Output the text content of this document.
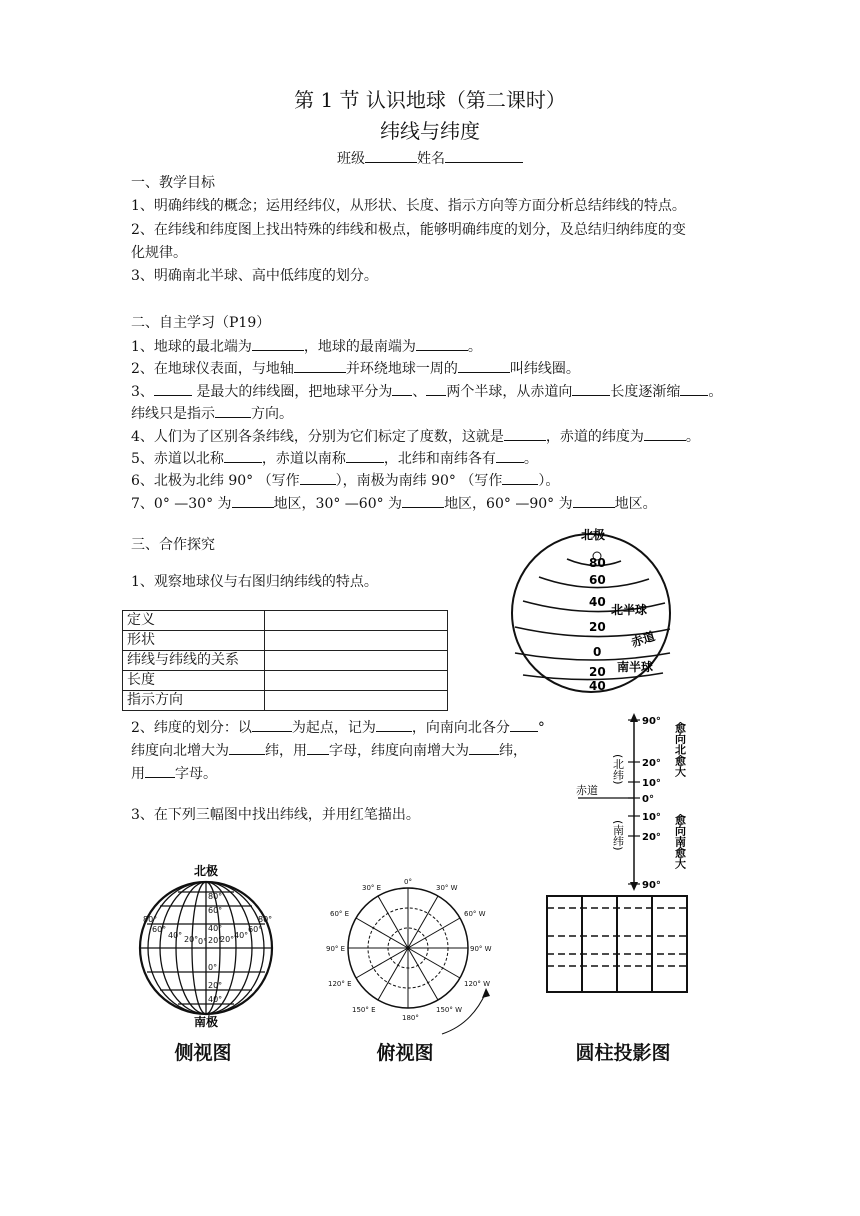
第 1 节 认识地球（第二课时）
纬线与纬度
班级	姓名
一、教学目标
1、明确纬线的概念；运用经纬仪，从形状、长度、指示方向等方面分析总结纬线的特点。
2、在纬线和纬度图上找出特殊的纬线和极点，能够明确纬度的划分，及总结归纳纬度的变
化规律。
3、明确南北半球、高中低纬度的划分。
二、自主学习（P19）
1、地球的最北端为	，地球的最南端为	。
2、在地球仪表面，与地轴	并环绕地球一周的	叫纬线圈。
3、	是最大的纬线圈，把地球平分为 、 两个半球，从赤道向	长度逐渐缩 。
纬线只是指示	方向。
4、人们为了区别各条纬线，分别为它们标定了度数，这就是	，赤道的纬度为	。
5、赤道以北称	，赤道以南称	，北纬和南纬各有 。
6、北极为北纬 90° （写作	），南极为南纬 90° （写作	）。
7、0° —30° 为	地区，30° —60° 为	地区，60° —90° 为	地区。
三、合作探究
1、观察地球仪与右图归纳纬线的特点。
定义	
形状	
纬线与纬线的关系	
长度	
指示方向	
2、纬度的划分：以	为起点，记为	，向南向北各分 °
纬度向北增大为	纬，用 字母，纬度向南增大为 纬，
用 字母。
3、在下列三幅图中找出纬线，并用红笔描出。
北极
80
60
40
20
0
20
40
北半球
赤道
南半球
90°
20°
10°
0°
10°
20°
90°
赤道
(北纬)
(南纬)
愈向北愈大
愈向南愈大
北极
南极
80°
60°
40°
20°
0°
20°
40°
80°
60°
40° 20° 0° 20° 40°
60°
80°
侧视图
0°
30° E	30° W
60° E	60° W
90° E	90° W
120° E	120° W
150° E	150° W
180°
俯视图	圆柱投影图
